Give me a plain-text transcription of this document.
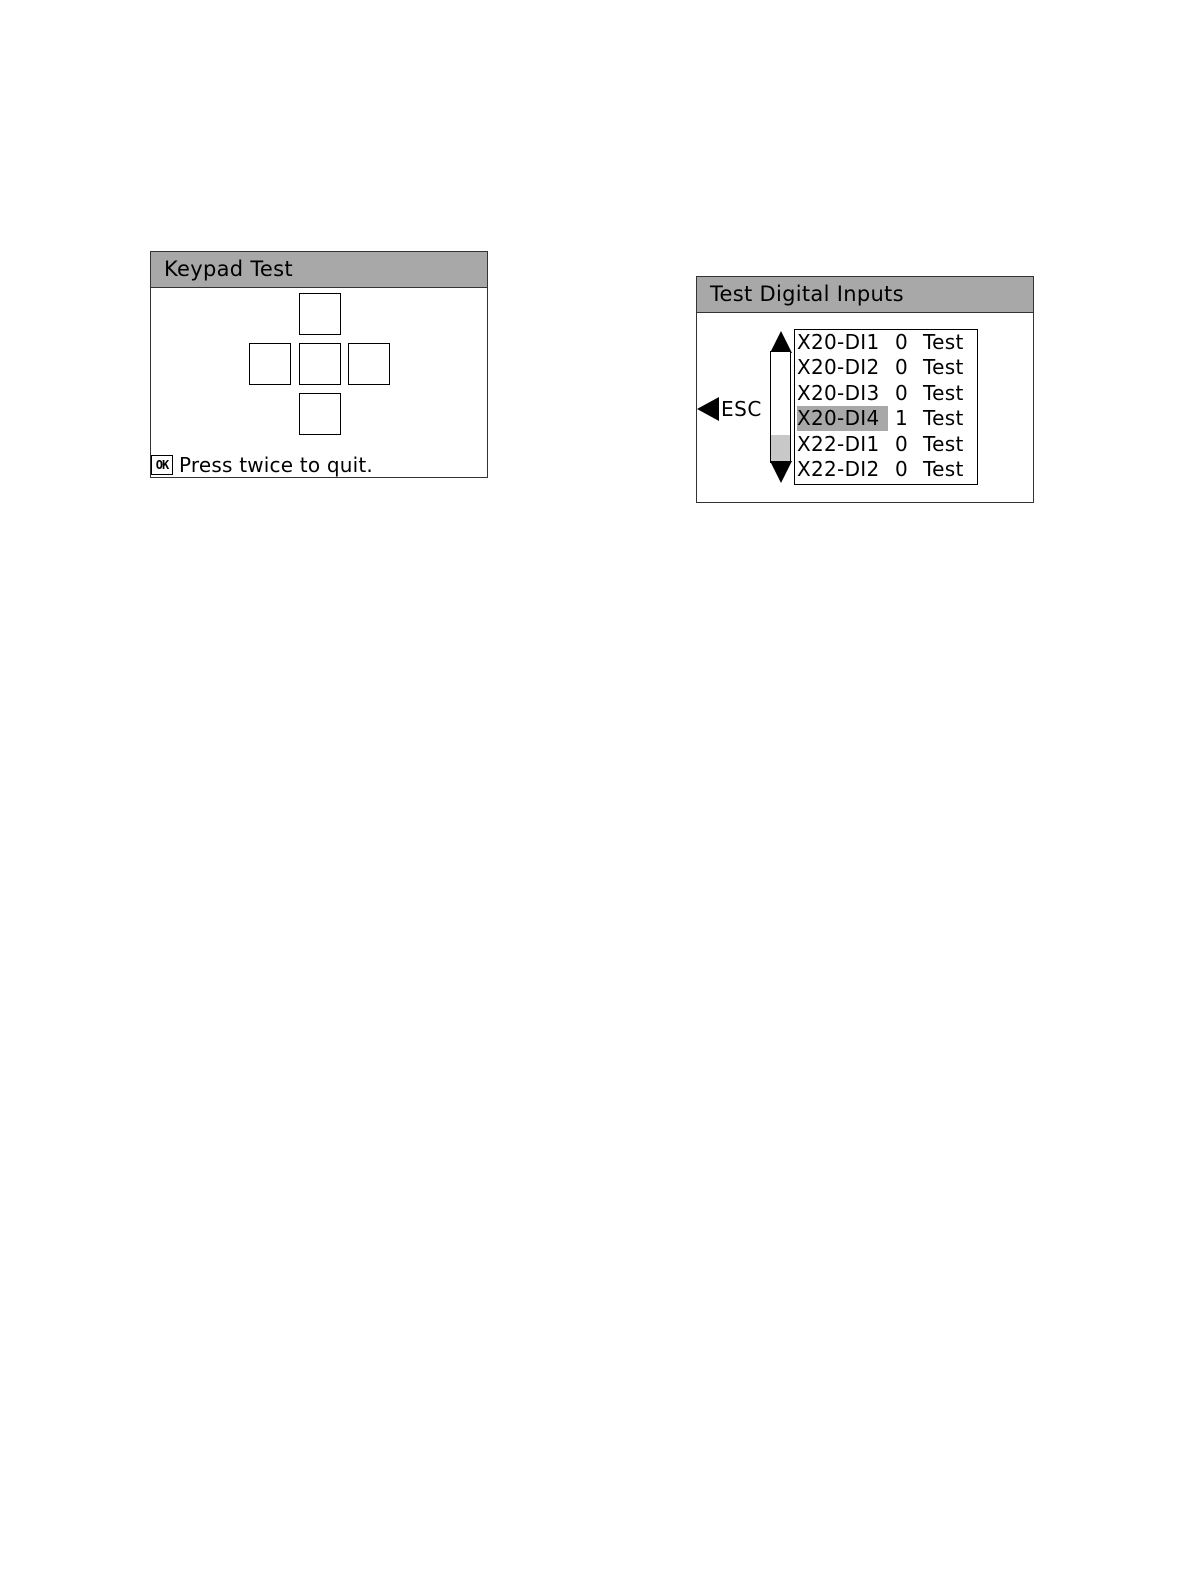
Keypad Test
OK Press twice to quit.
Test Digital Inputs
ESC
X20-DI1 0 Test
X20-DI2 0 Test
X20-DI3 0 Test
X20-DI4 1 Test
X22-DI1 0 Test
X22-DI2 0 Test
